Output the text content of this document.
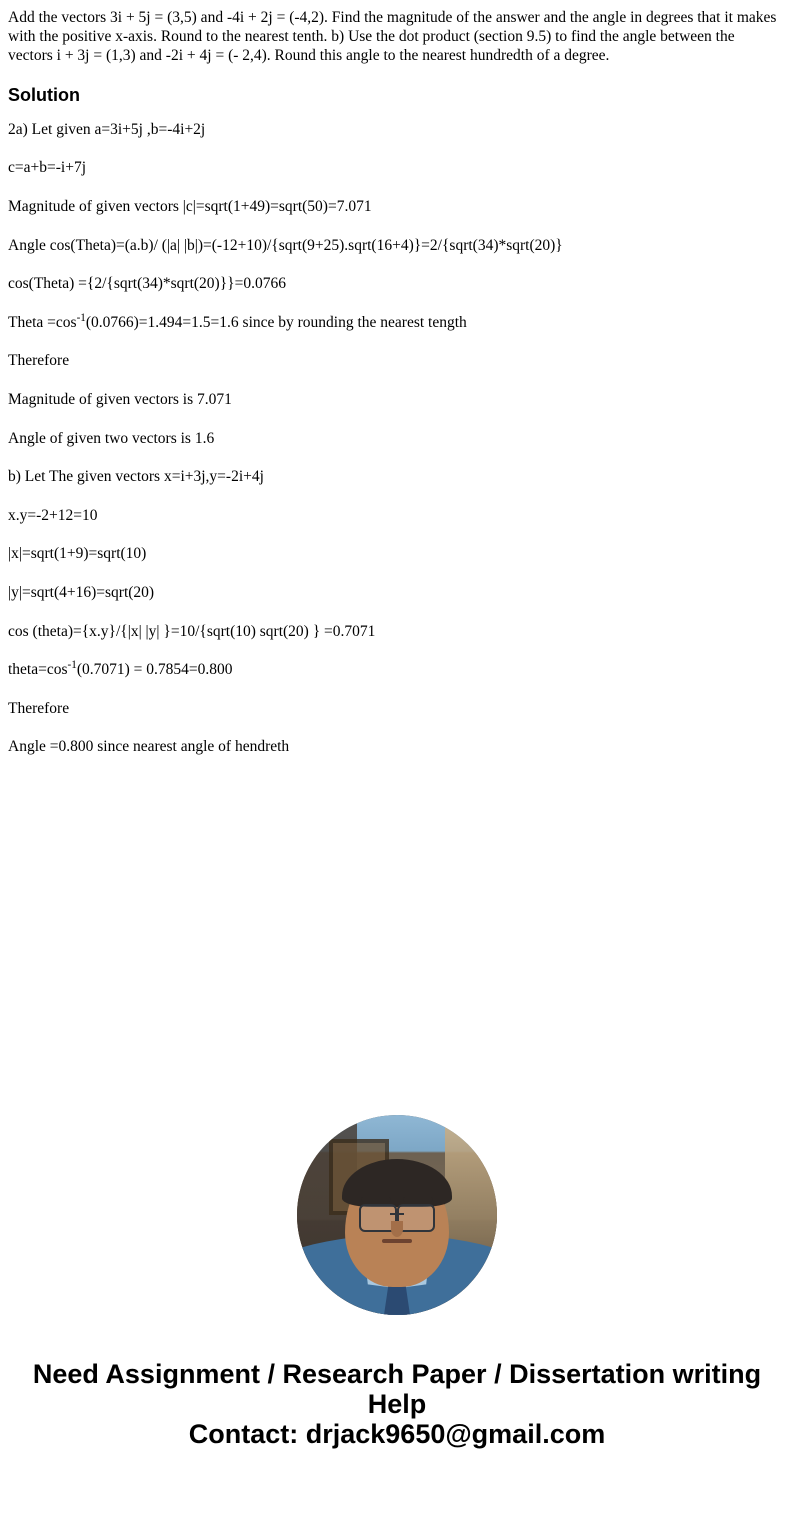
Add the vectors 3i + 5j = (3,5) and -4i + 2j = (-4,2). Find the magnitude of the answer and the angle in degrees that it makes with the positive x-axis. Round to the nearest tenth. b) Use the dot product (section 9.5) to find the angle between the vectors i + 3j = (1,3) and -2i + 4j = (- 2,4). Round this angle to the nearest hundredth of a degree.

Solution

2a) Let given a=3i+5j ,b=-4i+2j

c=a+b=-i+7j

Magnitude of given vectors |c|=sqrt(1+49)=sqrt(50)=7.071

Angle cos(Theta)=(a.b)/ (|a| |b|)=(-12+10)/{sqrt(9+25).sqrt(16+4)}=2/{sqrt(34)*sqrt(20)}

cos(Theta) ={2/{sqrt(34)*sqrt(20)}}=0.0766

Theta $=\cos^{-1}(0.0766)=1.494=1.5=1.6$ since by rounding the nearest tength

Therefore

Magnitude of given vectors is 7.071

Angle of given two vectors is 1.6

b) Let The given vectors x=i+3j,y=-2i+4j

x.y=-2+12=10

|x|=sqrt(1+9)=sqrt(10)

|y|=sqrt(4+16)=sqrt(20)

cos (theta)={x.y}/{|x| |y| }=10/{sqrt(10) sqrt(20) } =0.7071

$theta=\cos^{-1}(0.7071) = 0.7854=0.800$

Therefore

Angle =0.800 since nearest angle of hendreth

Need Assignment / Research Paper / Dissertation writing Help
Contact: drjack9650@gmail.com
